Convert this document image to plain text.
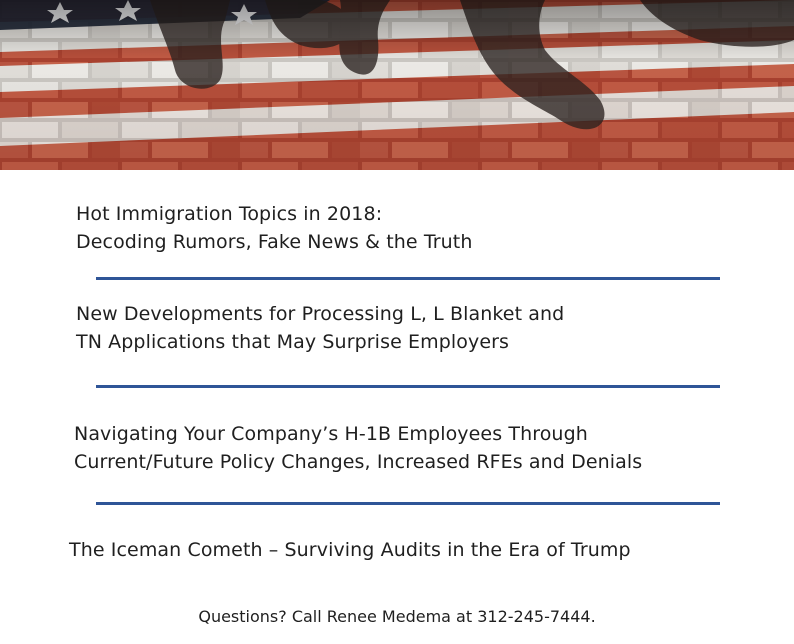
Hot Immigration Topics in 2018:
Decoding Rumors, Fake News & the Truth
New Developments for Processing L, L Blanket and
TN Applications that May Surprise Employers
Navigating Your Company’s H-1B Employees Through
Current/Future Policy Changes, Increased RFEs and Denials
The Iceman Cometh – Surviving Audits in the Era of Trump
Questions? Call Renee Medema at 312-245-7444.
